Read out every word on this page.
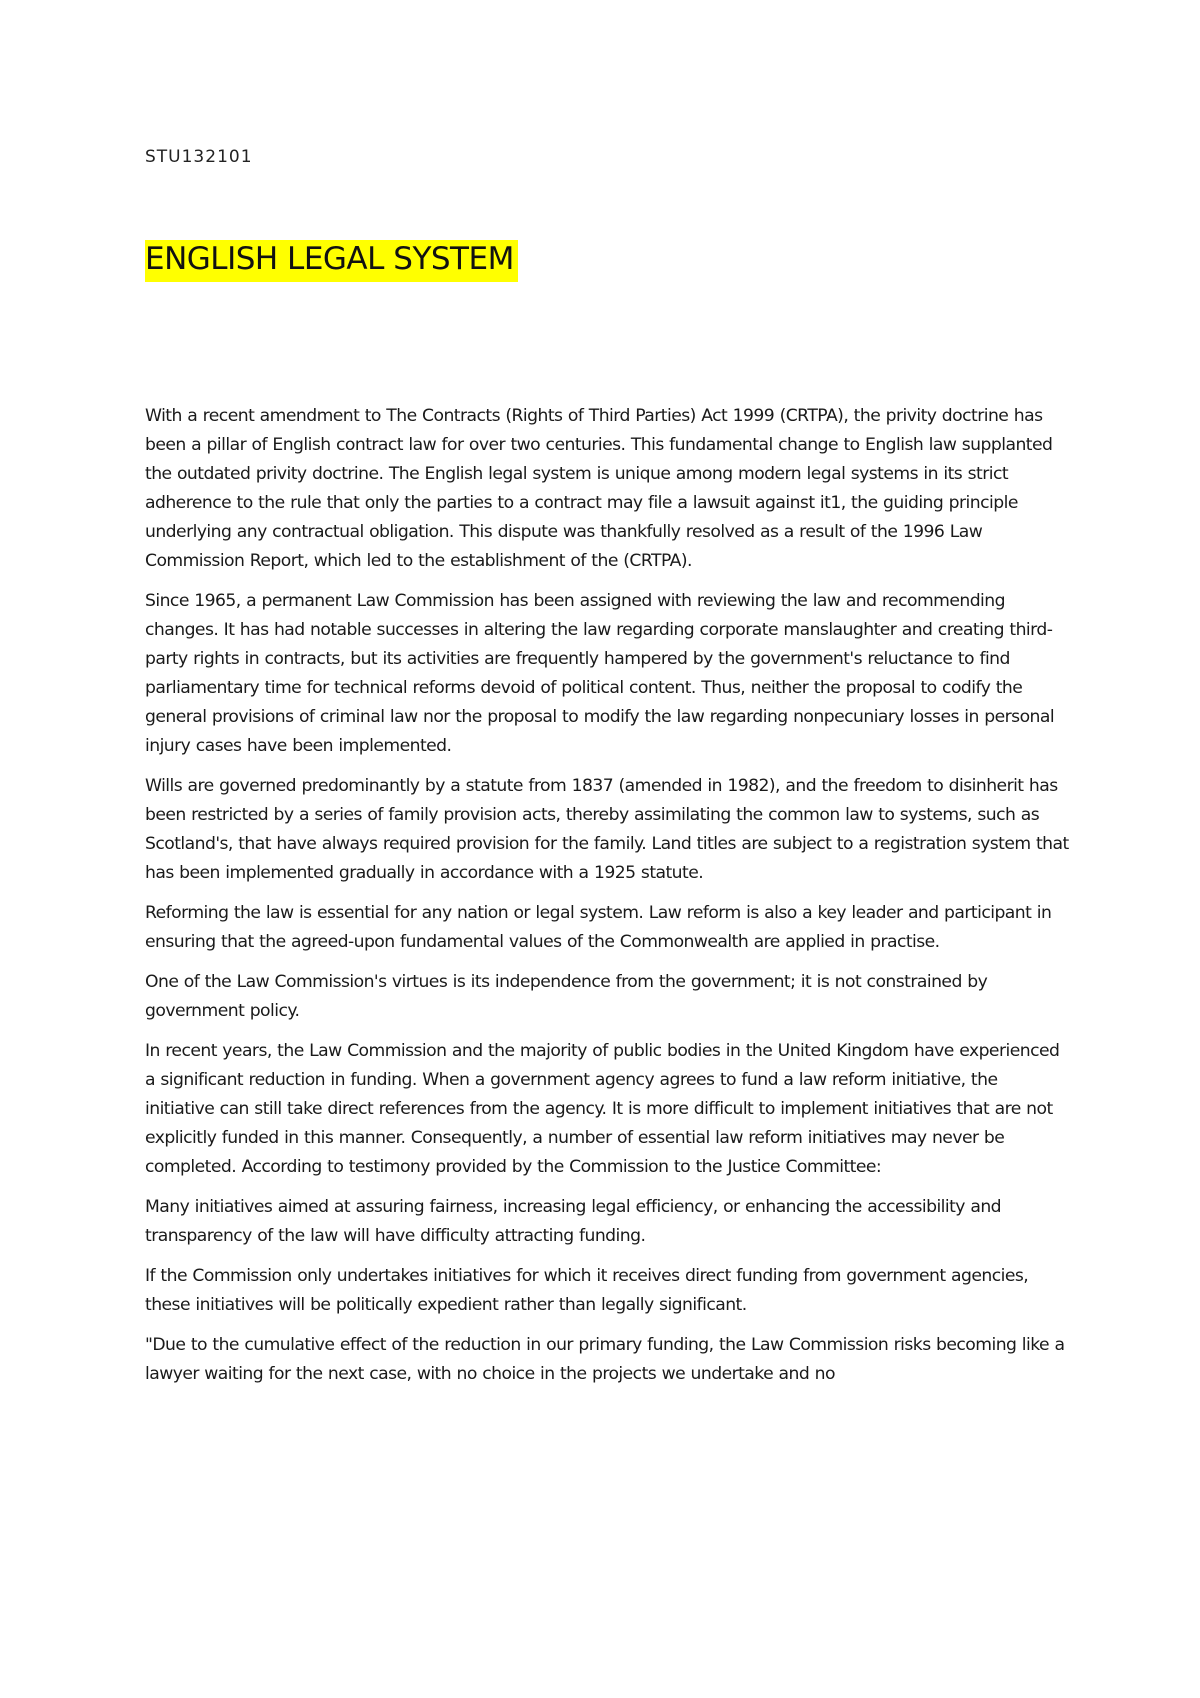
STU132101
ENGLISH LEGAL SYSTEM

With a recent amendment to The Contracts (Rights of Third Parties) Act 1999 (CRTPA), the privity doctrine has been a pillar of English contract law for over two centuries. This fundamental change to English law supplanted the outdated privity doctrine. The English legal system is unique among modern legal systems in its strict adherence to the rule that only the parties to a contract may file a lawsuit against it1, the guiding principle underlying any contractual obligation. This dispute was thankfully resolved as a result of the 1996 Law Commission Report, which led to the establishment of the (CRTPA).

Since 1965, a permanent Law Commission has been assigned with reviewing the law and recommending changes. It has had notable successes in altering the law regarding corporate manslaughter and creating third-party rights in contracts, but its activities are frequently hampered by the government's reluctance to find parliamentary time for technical reforms devoid of political content. Thus, neither the proposal to codify the general provisions of criminal law nor the proposal to modify the law regarding nonpecuniary losses in personal injury cases have been implemented.

Wills are governed predominantly by a statute from 1837 (amended in 1982), and the freedom to disinherit has been restricted by a series of family provision acts, thereby assimilating the common law to systems, such as Scotland's, that have always required provision for the family. Land titles are subject to a registration system that has been implemented gradually in accordance with a 1925 statute.

Reforming the law is essential for any nation or legal system. Law reform is also a key leader and participant in ensuring that the agreed-upon fundamental values of the Commonwealth are applied in practise.

One of the Law Commission's virtues is its independence from the government; it is not constrained by government policy.

In recent years, the Law Commission and the majority of public bodies in the United Kingdom have experienced a significant reduction in funding. When a government agency agrees to fund a law reform initiative, the initiative can still take direct references from the agency. It is more difficult to implement initiatives that are not explicitly funded in this manner. Consequently, a number of essential law reform initiatives may never be completed. According to testimony provided by the Commission to the Justice Committee:

Many initiatives aimed at assuring fairness, increasing legal efficiency, or enhancing the accessibility and transparency of the law will have difficulty attracting funding.

If the Commission only undertakes initiatives for which it receives direct funding from government agencies, these initiatives will be politically expedient rather than legally significant.

"Due to the cumulative effect of the reduction in our primary funding, the Law Commission risks becoming like a lawyer waiting for the next case, with no choice in the projects we undertake and no
